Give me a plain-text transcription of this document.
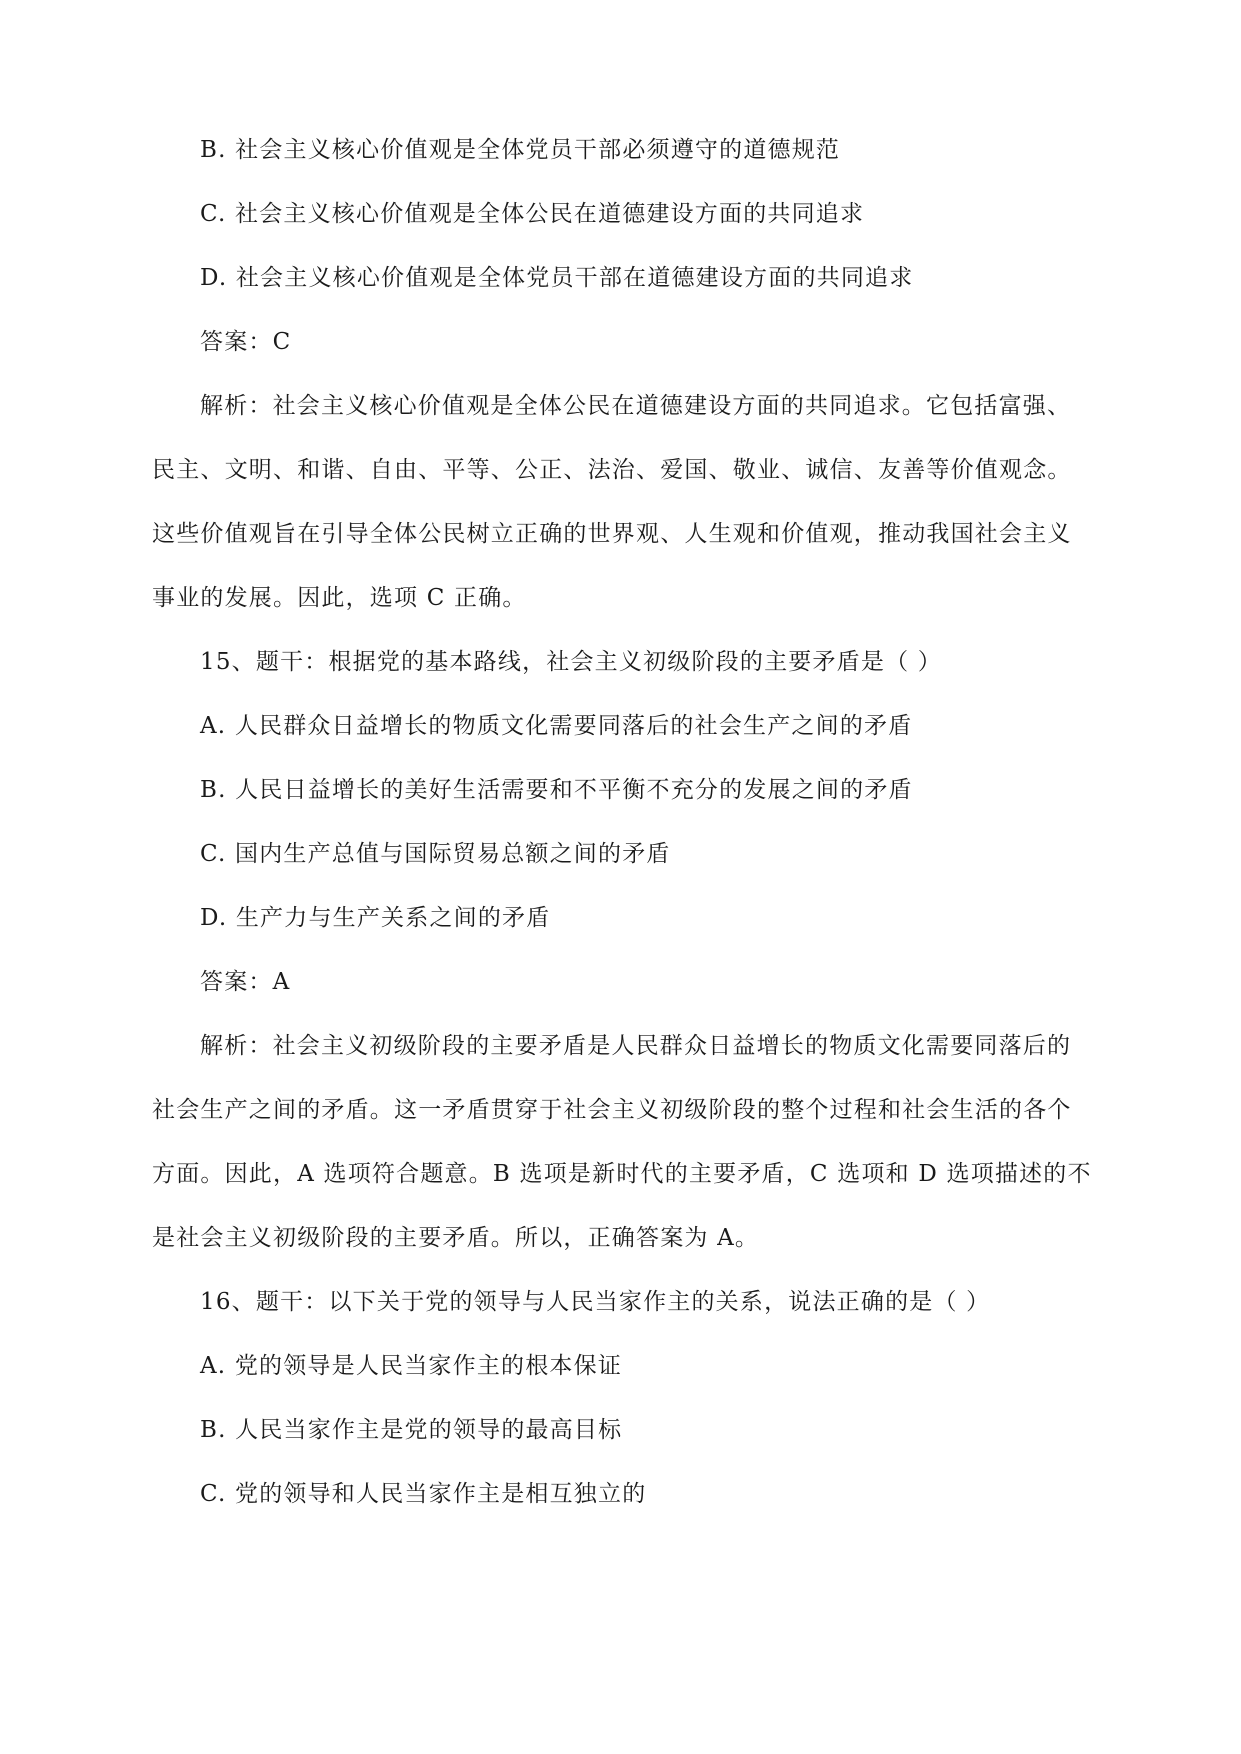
B. 社会主义核心价值观是全体党员干部必须遵守的道德规范
C. 社会主义核心价值观是全体公民在道德建设方面的共同追求
D. 社会主义核心价值观是全体党员干部在道德建设方面的共同追求
答案：C
解析：社会主义核心价值观是全体公民在道德建设方面的共同追求。它包括富强、
民主、文明、和谐、自由、平等、公正、法治、爱国、敬业、诚信、友善等价值观念。
这些价值观旨在引导全体公民树立正确的世界观、人生观和价值观，推动我国社会主义
事业的发展。因此，选项 C 正确。
15、题干：根据党的基本路线，社会主义初级阶段的主要矛盾是（ ）
A. 人民群众日益增长的物质文化需要同落后的社会生产之间的矛盾
B. 人民日益增长的美好生活需要和不平衡不充分的发展之间的矛盾
C. 国内生产总值与国际贸易总额之间的矛盾
D. 生产力与生产关系之间的矛盾
答案：A
解析：社会主义初级阶段的主要矛盾是人民群众日益增长的物质文化需要同落后的
社会生产之间的矛盾。这一矛盾贯穿于社会主义初级阶段的整个过程和社会生活的各个
方面。因此，A 选项符合题意。B 选项是新时代的主要矛盾，C 选项和 D 选项描述的不
是社会主义初级阶段的主要矛盾。所以，正确答案为 A。
16、题干：以下关于党的领导与人民当家作主的关系，说法正确的是（ ）
A. 党的领导是人民当家作主的根本保证
B. 人民当家作主是党的领导的最高目标
C. 党的领导和人民当家作主是相互独立的
